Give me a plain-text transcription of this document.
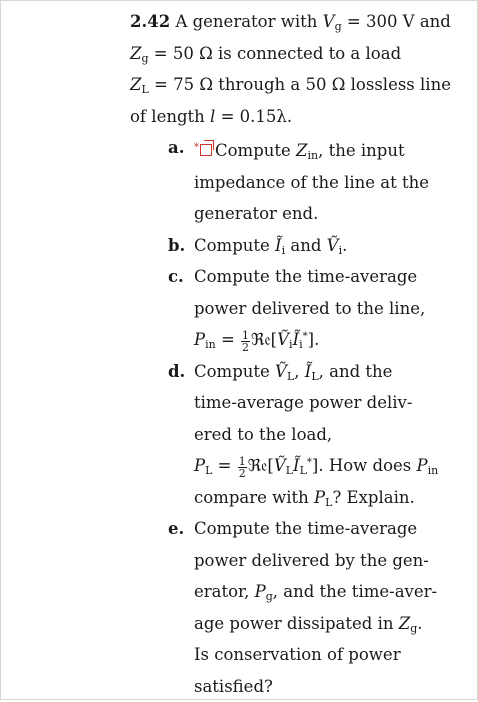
2.42 A generator with $V_g = 300$ V and
$Z_g = 50$ Ω is connected to a load
$Z_L = 75$ Ω through a 50 Ω lossless line
of length l = 0.15λ.
a. * Compute $Z_{in}$, the input
impedance of the line at the
generator end.
b. Compute $Ĩ_i$ and Ṽ$_i$.
c. Compute the time-average
power delivered to the line,
$P_{in} = \frac{1}{2}$ $ℜ𝔢[Ṽ_iĨ_i^*]$.
d. Compute Ṽ$_L$, $Ĩ_L$, and the
time-average power deliv-
ered to the load,
$P_L = \frac{1}{2}$ $ℜ𝔢[Ṽ_LĨ_L^*]$. How does $P_{in}$
compare with $P_L$? Explain.
e. Compute the time-average
power delivered by the gen-
erator, $P_g$, and the time-aver-
age power dissipated in $Z_g$.
Is conservation of power
satisfied?
